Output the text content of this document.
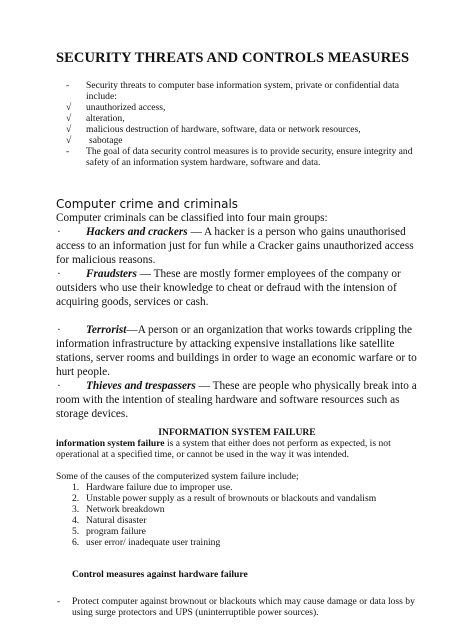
SECURITY THREATS AND CONTROLS MEASURES
- Security threats to computer base information system, private or confidential data
include:
√ unauthorized access,
√ alteration,
√ malicious destruction of hardware, software, data or network resources,
√ sabotage
- The goal of data security control measures is to provide security, ensure integrity and
safety of an information system hardware, software and data.
Computer crime and criminals
Computer criminals can be classified into four main groups:
· Hackers and crackers — A hacker is a person who gains unauthorised
access to an information just for fun while a Cracker gains unauthorized access
for malicious reasons.
· Fraudsters — These are mostly former employees of the company or
outsiders who use their knowledge to cheat or defraud with the intension of
acquiring goods, services or cash.
· Terrorist—A person or an organization that works towards crippling the
information infrastructure by attacking expensive installations like satellite
stations, server rooms and buildings in order to wage an economic warfare or to
hurt people.
· Thieves and trespassers — These are people who physically break into a
room with the intention of stealing hardware and software resources such as
storage devices.
INFORMATION SYSTEM FAILURE
information system failure is a system that either does not perform as expected, is not
operational at a specified time, or cannot be used in the way it was intended.
Some of the causes of the computerized system failure include;
1. Hardware failure due to improper use.
2. Unstable power supply as a result of brownouts or blackouts and vandalism
3. Network breakdown
4. Natural disaster
5. program failure
6. user error/ inadequate user training
Control measures against hardware failure
- Protect computer against brownout or blackouts which may cause damage or data loss by
using surge protectors and UPS (uninterruptible power sources).
